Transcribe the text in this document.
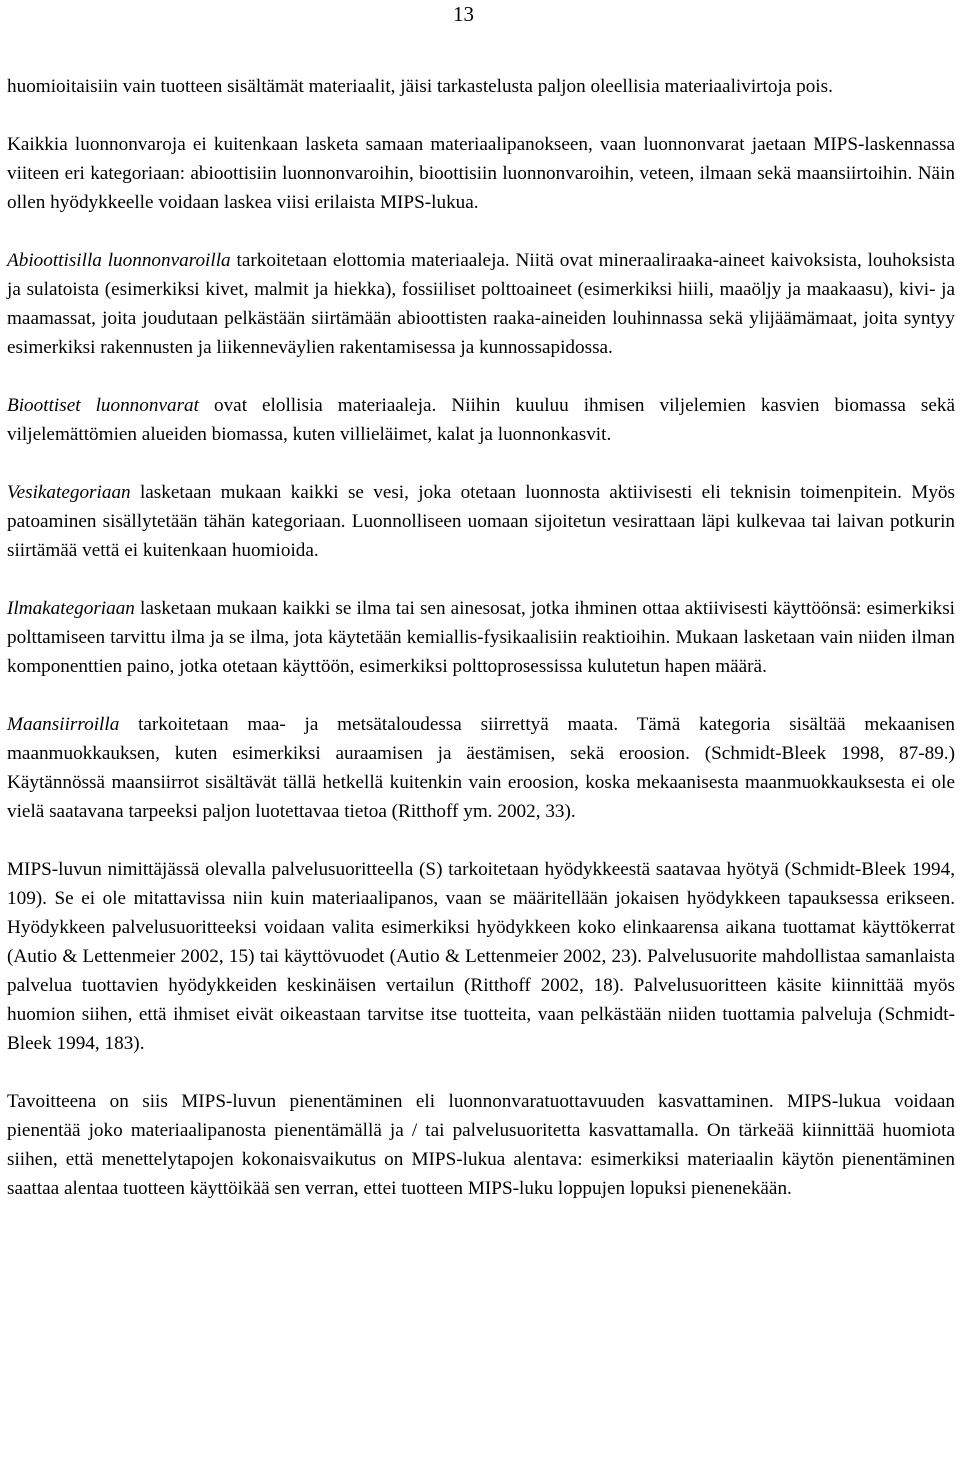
13

huomioitaisiin vain tuotteen sisältämät materiaalit, jäisi tarkastelusta paljon oleellisia materiaalivirtoja pois.

Kaikkia luonnonvaroja ei kuitenkaan lasketa samaan materiaalipanokseen, vaan luonnonvarat jaetaan MIPS-laskennassa viiteen eri kategoriaan: abioottisiin luonnonvaroihin, bioottisiin luonnonvaroihin, veteen, ilmaan sekä maansiirtoihin. Näin ollen hyödykkeelle voidaan laskea viisi erilaista MIPS-lukua.

Abioottisilla luonnonvaroilla tarkoitetaan elottomia materiaaleja. Niitä ovat mineraaliraaka-aineet kaivoksista, louhoksista ja sulatoista (esimerkiksi kivet, malmit ja hiekka), fossiiliset polttoaineet (esimerkiksi hiili, maaöljy ja maakaasu), kivi- ja maamassat, joita joudutaan pelkästään siirtämään abioottisten raaka-aineiden louhinnassa sekä ylijäämämaat, joita syntyy esimerkiksi rakennusten ja liikenneväylien rakentamisessa ja kunnossapidossa.

Bioottiset luonnonvarat ovat elollisia materiaaleja. Niihin kuuluu ihmisen viljelemien kasvien biomassa sekä viljelemättömien alueiden biomassa, kuten villieläimet, kalat ja luonnonkasvit.

Vesikategoriaan lasketaan mukaan kaikki se vesi, joka otetaan luonnosta aktiivisesti eli teknisin toimenpitein. Myös patoaminen sisällytetään tähän kategoriaan. Luonnolliseen uomaan sijoitetun vesirattaan läpi kulkevaa tai laivan potkurin siirtämää vettä ei kuitenkaan huomioida.

Ilmakategoriaan lasketaan mukaan kaikki se ilma tai sen ainesosat, jotka ihminen ottaa aktiivisesti käyttöönsä: esimerkiksi polttamiseen tarvittu ilma ja se ilma, jota käytetään kemiallis-fysikaalisiin reaktioihin. Mukaan lasketaan vain niiden ilman komponenttien paino, jotka otetaan käyttöön, esimerkiksi polttoprosessissa kulutetun hapen määrä.

Maansiirroilla tarkoitetaan maa- ja metsätaloudessa siirrettyä maata. Tämä kategoria sisältää mekaanisen maanmuokkauksen, kuten esimerkiksi auraamisen ja äestämisen, sekä eroosion. (Schmidt-Bleek 1998, 87-89.) Käytännössä maansiirrot sisältävät tällä hetkellä kuitenkin vain eroosion, koska mekaanisesta maanmuokkauksesta ei ole vielä saatavana tarpeeksi paljon luotettavaa tietoa (Ritthoff ym. 2002, 33).

MIPS-luvun nimittäjässä olevalla palvelusuoritteella (S) tarkoitetaan hyödykkeestä saatavaa hyötyä (Schmidt-Bleek 1994, 109). Se ei ole mitattavissa niin kuin materiaalipanos, vaan se määritellään jokaisen hyödykkeen tapauksessa erikseen. Hyödykkeen palvelusuoritteeksi voidaan valita esimerkiksi hyödykkeen koko elinkaarensa aikana tuottamat käyttökerrat (Autio & Lettenmeier 2002, 15) tai käyttövuodet (Autio & Lettenmeier 2002, 23). Palvelusuorite mahdollistaa samanlaista palvelua tuottavien hyödykkeiden keskinäisen vertailun (Ritthoff 2002, 18). Palvelusuoritteen käsite kiinnittää myös huomion siihen, että ihmiset eivät oikeastaan tarvitse itse tuotteita, vaan pelkästään niiden tuottamia palveluja (Schmidt-Bleek 1994, 183).

Tavoitteena on siis MIPS-luvun pienentäminen eli luonnonvaratuottavuuden kasvattaminen. MIPS-lukua voidaan pienentää joko materiaalipanosta pienentämällä ja / tai palvelusuoritetta kasvattamalla. On tärkeää kiinnittää huomiota siihen, että menettelytapojen kokonaisvaikutus on MIPS-lukua alentava: esimerkiksi materiaalin käytön pienentäminen saattaa alentaa tuotteen käyttöikää sen verran, ettei tuotteen MIPS-luku loppujen lopuksi pienenekään.
